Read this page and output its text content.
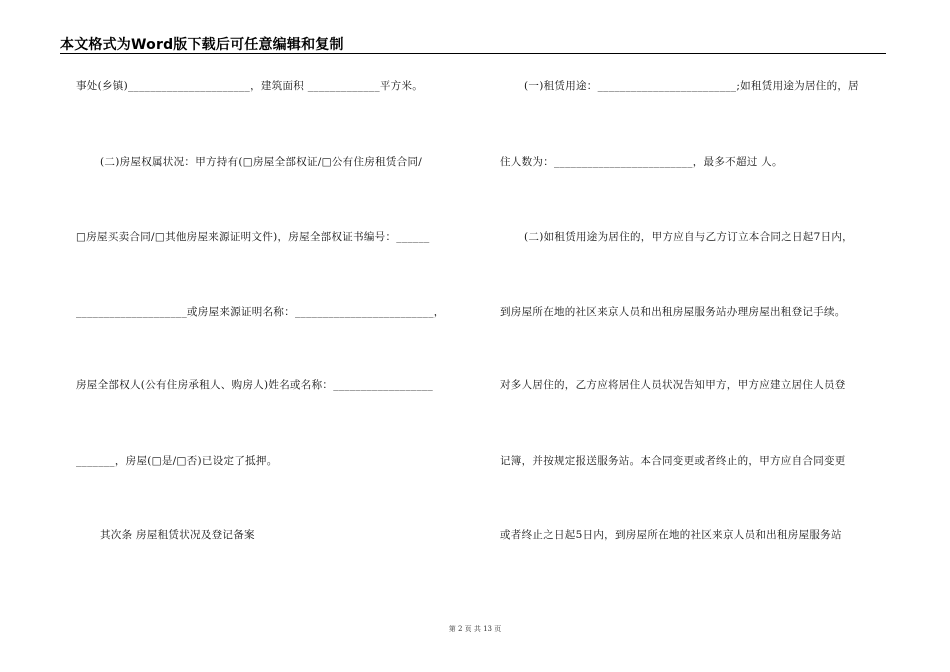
本文格式为Word版下载后可任意编辑和复制
事处(乡镇)______________________，建筑面积 _____________平方米。
(二)房屋权属状况：甲方持有(□房屋全部权证/□公有住房租赁合同/
□房屋买卖合同/□其他房屋来源证明文件)，房屋全部权证书编号：______
____________________或房屋来源证明名称：_________________________，
房屋全部权人(公有住房承租人、购房人)姓名或名称：__________________
_______，房屋(□是/□否)已设定了抵押。
其次条 房屋租赁状况及登记备案
(一)租赁用途：_________________________;如租赁用途为居住的，居
住人数为：_________________________，最多不超过 人。
(二)如租赁用途为居住的，甲方应自与乙方订立本合同之日起7日内，
到房屋所在地的社区来京人员和出租房屋服务站办理房屋出租登记手续。
对多人居住的，乙方应将居住人员状况告知甲方，甲方应建立居住人员登
记簿，并按规定报送服务站。本合同变更或者终止的，甲方应自合同变更
或者终止之日起5日内，到房屋所在地的社区来京人员和出租房屋服务站
第 2 页 共 13 页
